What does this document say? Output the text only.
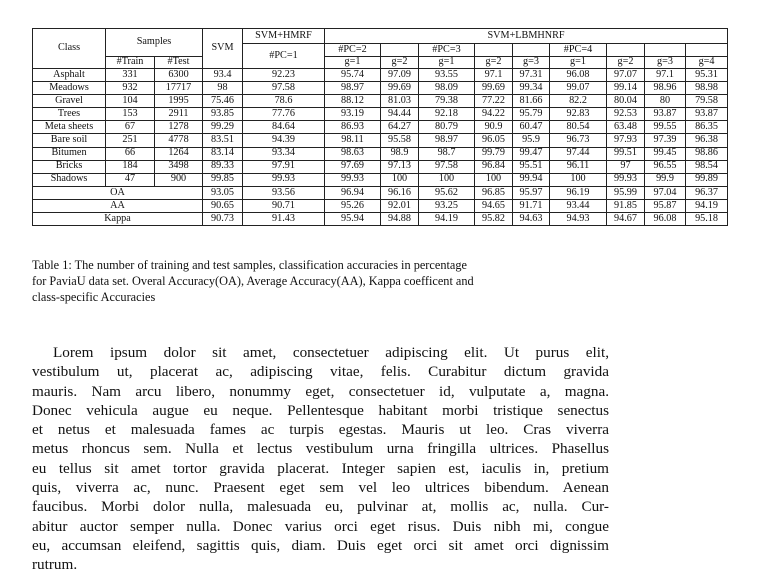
Class	Samples		SVM	SVM+HMRF	SVM+LBMHNRF								
				#PC=1	#PC=2		#PC=3			#PC=4			
	#Train	#Test			g=1	g=2	g=1	g=2	g=3	g=1	g=2	g=3	g=4
Asphalt	331	6300	93.4	92.23	95.74	97.09	93.55	97.1	97.31	96.08	97.07	97.1	95.31
Meadows	932	17717	98	97.58	98.97	99.69	98.09	99.69	99.34	99.07	99.14	98.96	98.98
Gravel	104	1995	75.46	78.6	88.12	81.03	79.38	77.22	81.66	82.2	80.04	80	79.58
Trees	153	2911	93.85	77.76	93.19	94.44	92.18	94.22	95.79	92.83	92.53	93.87	93.87
Meta sheets	67	1278	99.29	84.64	86.93	64.27	80.79	90.9	60.47	80.54	63.48	99.55	86.35
Bare soil	251	4778	83.51	94.39	98.11	95.58	98.97	96.05	95.9	96.73	97.93	97.39	96.38
Bitumen	66	1264	83.14	93.34	98.63	98.9	98.7	99.79	99.47	97.44	99.51	99.45	98.86
Bricks	184	3498	89.33	97.91	97.69	97.13	97.58	96.84	95.51	96.11	97	96.55	98.54
Shadows	47	900	99.85	99.93	99.93	100	100	100	99.94	100	99.93	99.9	99.89
OA			93.05	93.56	96.94	96.16	95.62	96.85	95.97	96.19	95.99	97.04	96.37
AA			90.65	90.71	95.26	92.01	93.25	94.65	91.71	93.44	91.85	95.87	94.19
Kappa			90.73	91.43	95.94	94.88	94.19	95.82	94.63	94.93	94.67	96.08	95.18
Table 1: The number of training and test samples, classification accuracies in percentage
for PaviaU data set. Overal Accuracy(OA), Average Accuracy(AA), Kappa coefficent and
class-specific Accuracies
Lorem ipsum dolor sit amet, consectetuer adipiscing elit. Ut purus elit,
vestibulum ut, placerat ac, adipiscing vitae, felis. Curabitur dictum gravida
mauris. Nam arcu libero, nonummy eget, consectetuer id, vulputate a, magna.
Donec vehicula augue eu neque. Pellentesque habitant morbi tristique senectus
et netus et malesuada fames ac turpis egestas. Mauris ut leo. Cras viverra
metus rhoncus sem. Nulla et lectus vestibulum urna fringilla ultrices. Phasellus
eu tellus sit amet tortor gravida placerat. Integer sapien est, iaculis in, pretium
quis, viverra ac, nunc. Praesent eget sem vel leo ultrices bibendum. Aenean
faucibus. Morbi dolor nulla, malesuada eu, pulvinar at, mollis ac, nulla. Cur-
abitur auctor semper nulla. Donec varius orci eget risus. Duis nibh mi, congue
eu, accumsan eleifend, sagittis quis, diam. Duis eget orci sit amet orci dignissim
rutrum.
